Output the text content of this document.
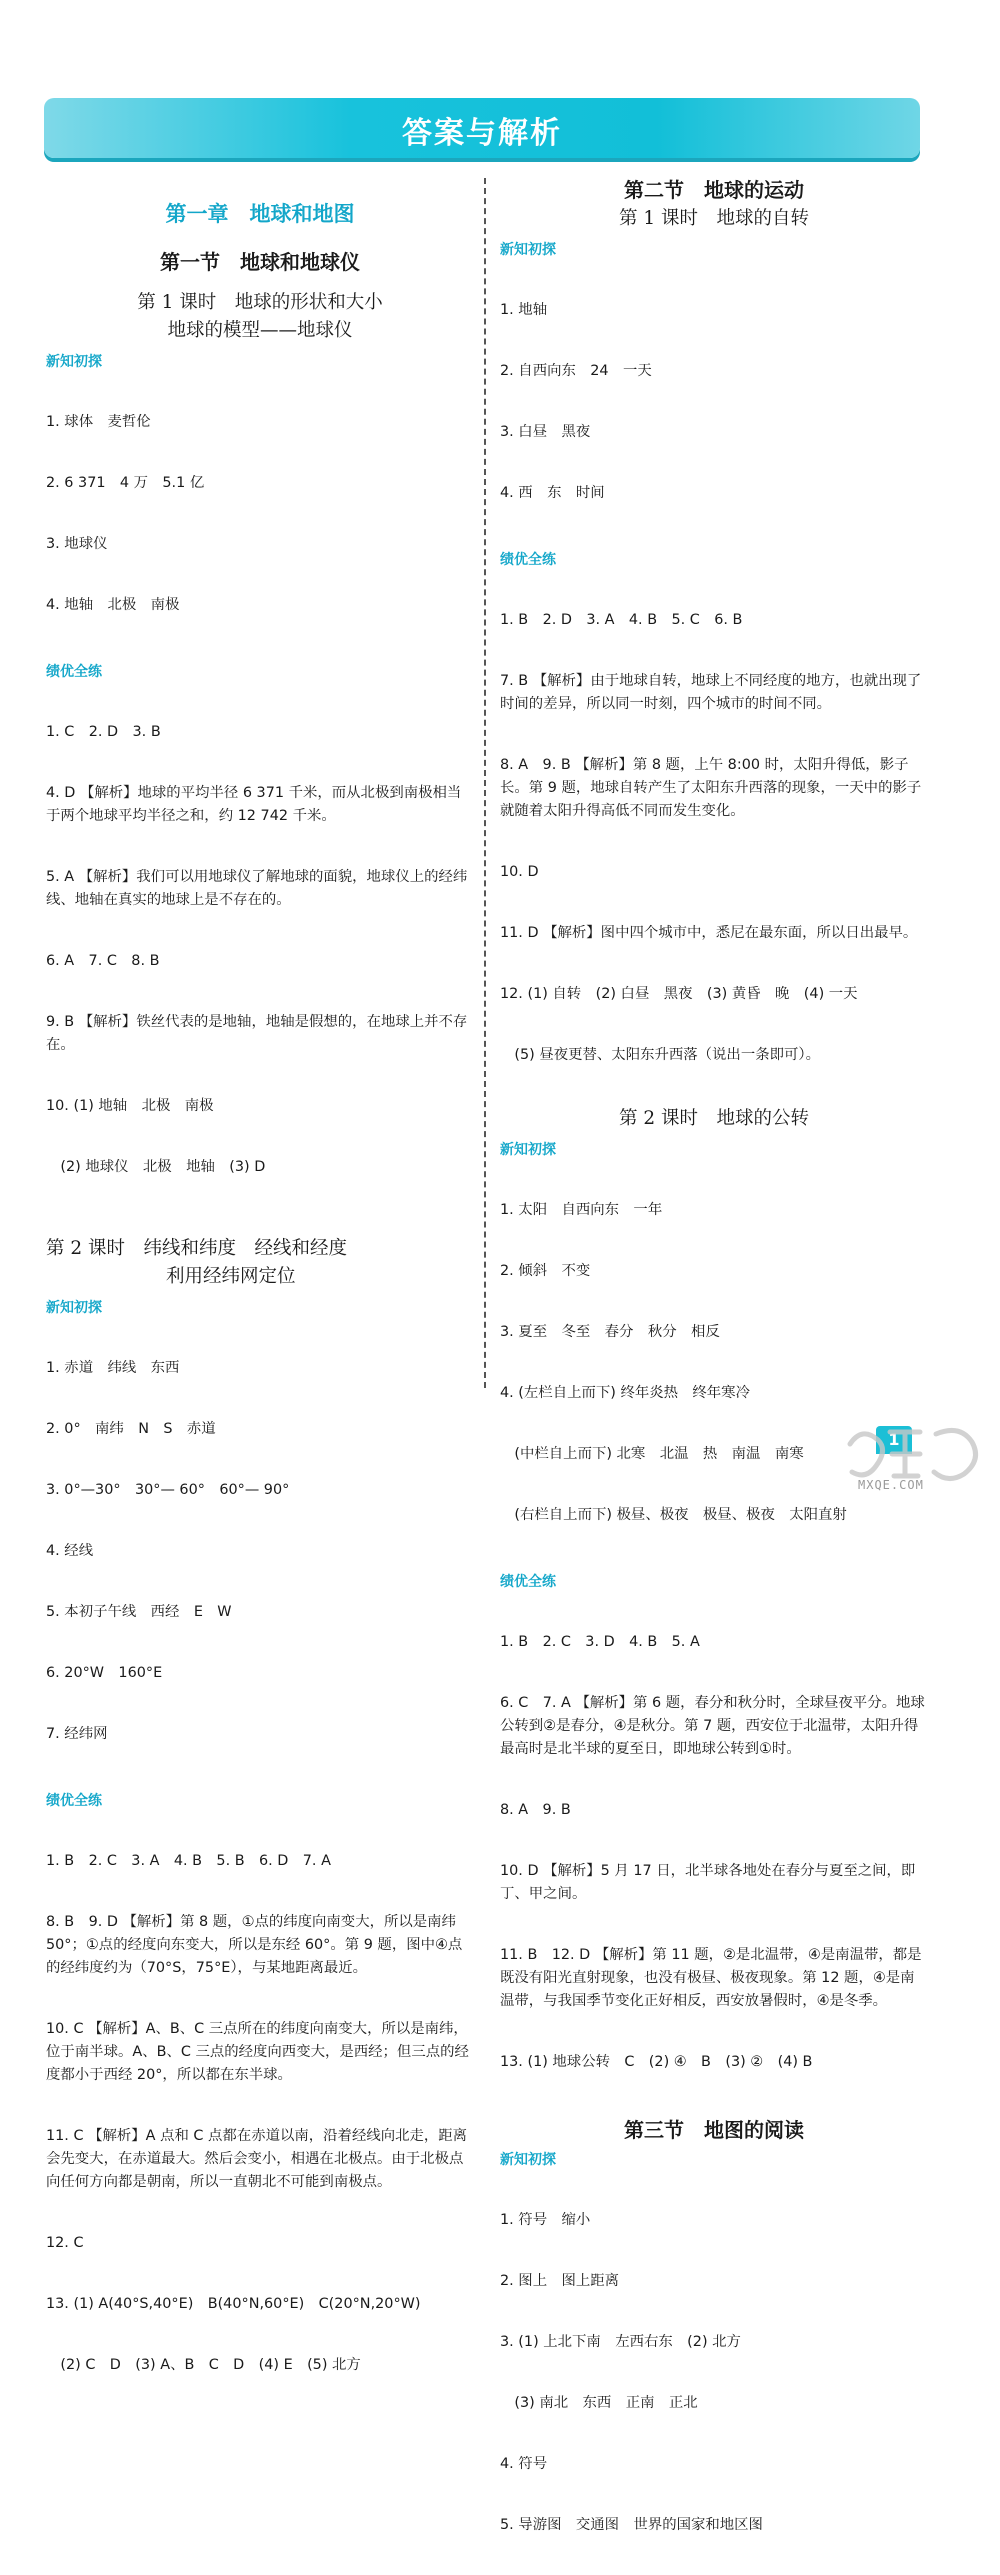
答案与解析
第一章　地球和地图
第一节　地球和地球仪
第 1 课时　地球的形状和大小
地球的模型——地球仪
新知初探

1. 球体　麦哲伦

2. 6 371　4 万　5.1 亿

3. 地球仪

4. 地轴　北极　南极

绩优全练

1. C　2. D　3. B

4. D 【解析】地球的平均半径 6 371 千米，而从北极到南极相当于两个地球平均半径之和，约 12 742 千米。

5. A 【解析】我们可以用地球仪了解地球的面貌，地球仪上的经纬线、地轴在真实的地球上是不存在的。

6. A　7. C　8. B

9. B 【解析】铁丝代表的是地轴，地轴是假想的，在地球上并不存在。

10. (1) 地轴　北极　南极

　(2) 地球仪　北极　地轴　(3) D

第 2 课时　纬线和纬度　经线和经度
利用经纬网定位
新知初探

1. 赤道　纬线　东西

2. 0°　南纬　N　S　赤道

3. 0°—30°　30°— 60°　60°— 90°

4. 经线

5. 本初子午线　西经　E　W

6. 20°W　160°E

7. 经纬网

绩优全练

1. B　2. C　3. A　4. B　5. B　6. D　7. A

8. B　9. D 【解析】第 8 题，①点的纬度向南变大，所以是南纬 50°；①点的经度向东变大，所以是东经 60°。第 9 题，图中④点的经纬度约为（70°S，75°E），与某地距离最近。

10. C 【解析】A、B、C 三点所在的纬度向南变大，所以是南纬，位于南半球。A、B、C 三点的经度向西变大，是西经；但三点的经度都小于西经 20°，所以都在东半球。

11. C 【解析】A 点和 C 点都在赤道以南，沿着经线向北走，距离会先变大，在赤道最大。然后会变小，相遇在北极点。由于北极点向任何方向都是朝南，所以一直朝北不可能到南极点。

12. C

13. (1) A(40°S,40°E)　B(40°N,60°E)　C(20°N,20°W)

　(2) C　D　(3) A、B　C　D　(4) E　(5) 北方

第二节　地球的运动
第 1 课时　地球的自转
新知初探

1. 地轴

2. 自西向东　24　一天

3. 白昼　黑夜

4. 西　东　时间

绩优全练

1. B　2. D　3. A　4. B　5. C　6. B

7. B 【解析】由于地球自转，地球上不同经度的地方，也就出现了时间的差异，所以同一时刻，四个城市的时间不同。

8. A　9. B 【解析】第 8 题，上午 8:00 时，太阳升得低，影子长。第 9 题，地球自转产生了太阳东升西落的现象，一天中的影子就随着太阳升得高低不同而发生变化。

10. D

11. D 【解析】图中四个城市中，悉尼在最东面，所以日出最早。

12. (1) 自转　(2) 白昼　黑夜　(3) 黄昏　晚　(4) 一天

　(5) 昼夜更替、太阳东升西落（说出一条即可）。

第 2 课时　地球的公转
新知初探

1. 太阳　自西向东　一年

2. 倾斜　不变

3. 夏至　冬至　春分　秋分　相反

4. (左栏自上而下) 终年炎热　终年寒冷

　(中栏自上而下) 北寒　北温　热　南温　南寒

　(右栏自上而下) 极昼、极夜　极昼、极夜　太阳直射

绩优全练

1. B　2. C　3. D　4. B　5. A

6. C　7. A 【解析】第 6 题，春分和秋分时，全球昼夜平分。地球公转到②是春分，④是秋分。第 7 题，西安位于北温带，太阳升得最高时是北半球的夏至日，即地球公转到①时。

8. A　9. B

10. D 【解析】5 月 17 日，北半球各地处在春分与夏至之间，即丁、甲之间。

11. B　12. D 【解析】第 11 题，②是北温带，④是南温带，都是既没有阳光直射现象，也没有极昼、极夜现象。第 12 题，④是南温带，与我国季节变化正好相反，西安放暑假时，④是冬季。

13. (1) 地球公转　C　(2) ④　B　(3) ②　(4) B

第三节　地图的阅读
新知初探

1. 符号　缩小

2. 图上　图上距离

3. (1) 上北下南　左西右东　(2) 北方

　(3) 南北　东西　正南　正北

4. 符号

5. 导游图　交通图　世界的国家和地区图

1
MXQE.COM
